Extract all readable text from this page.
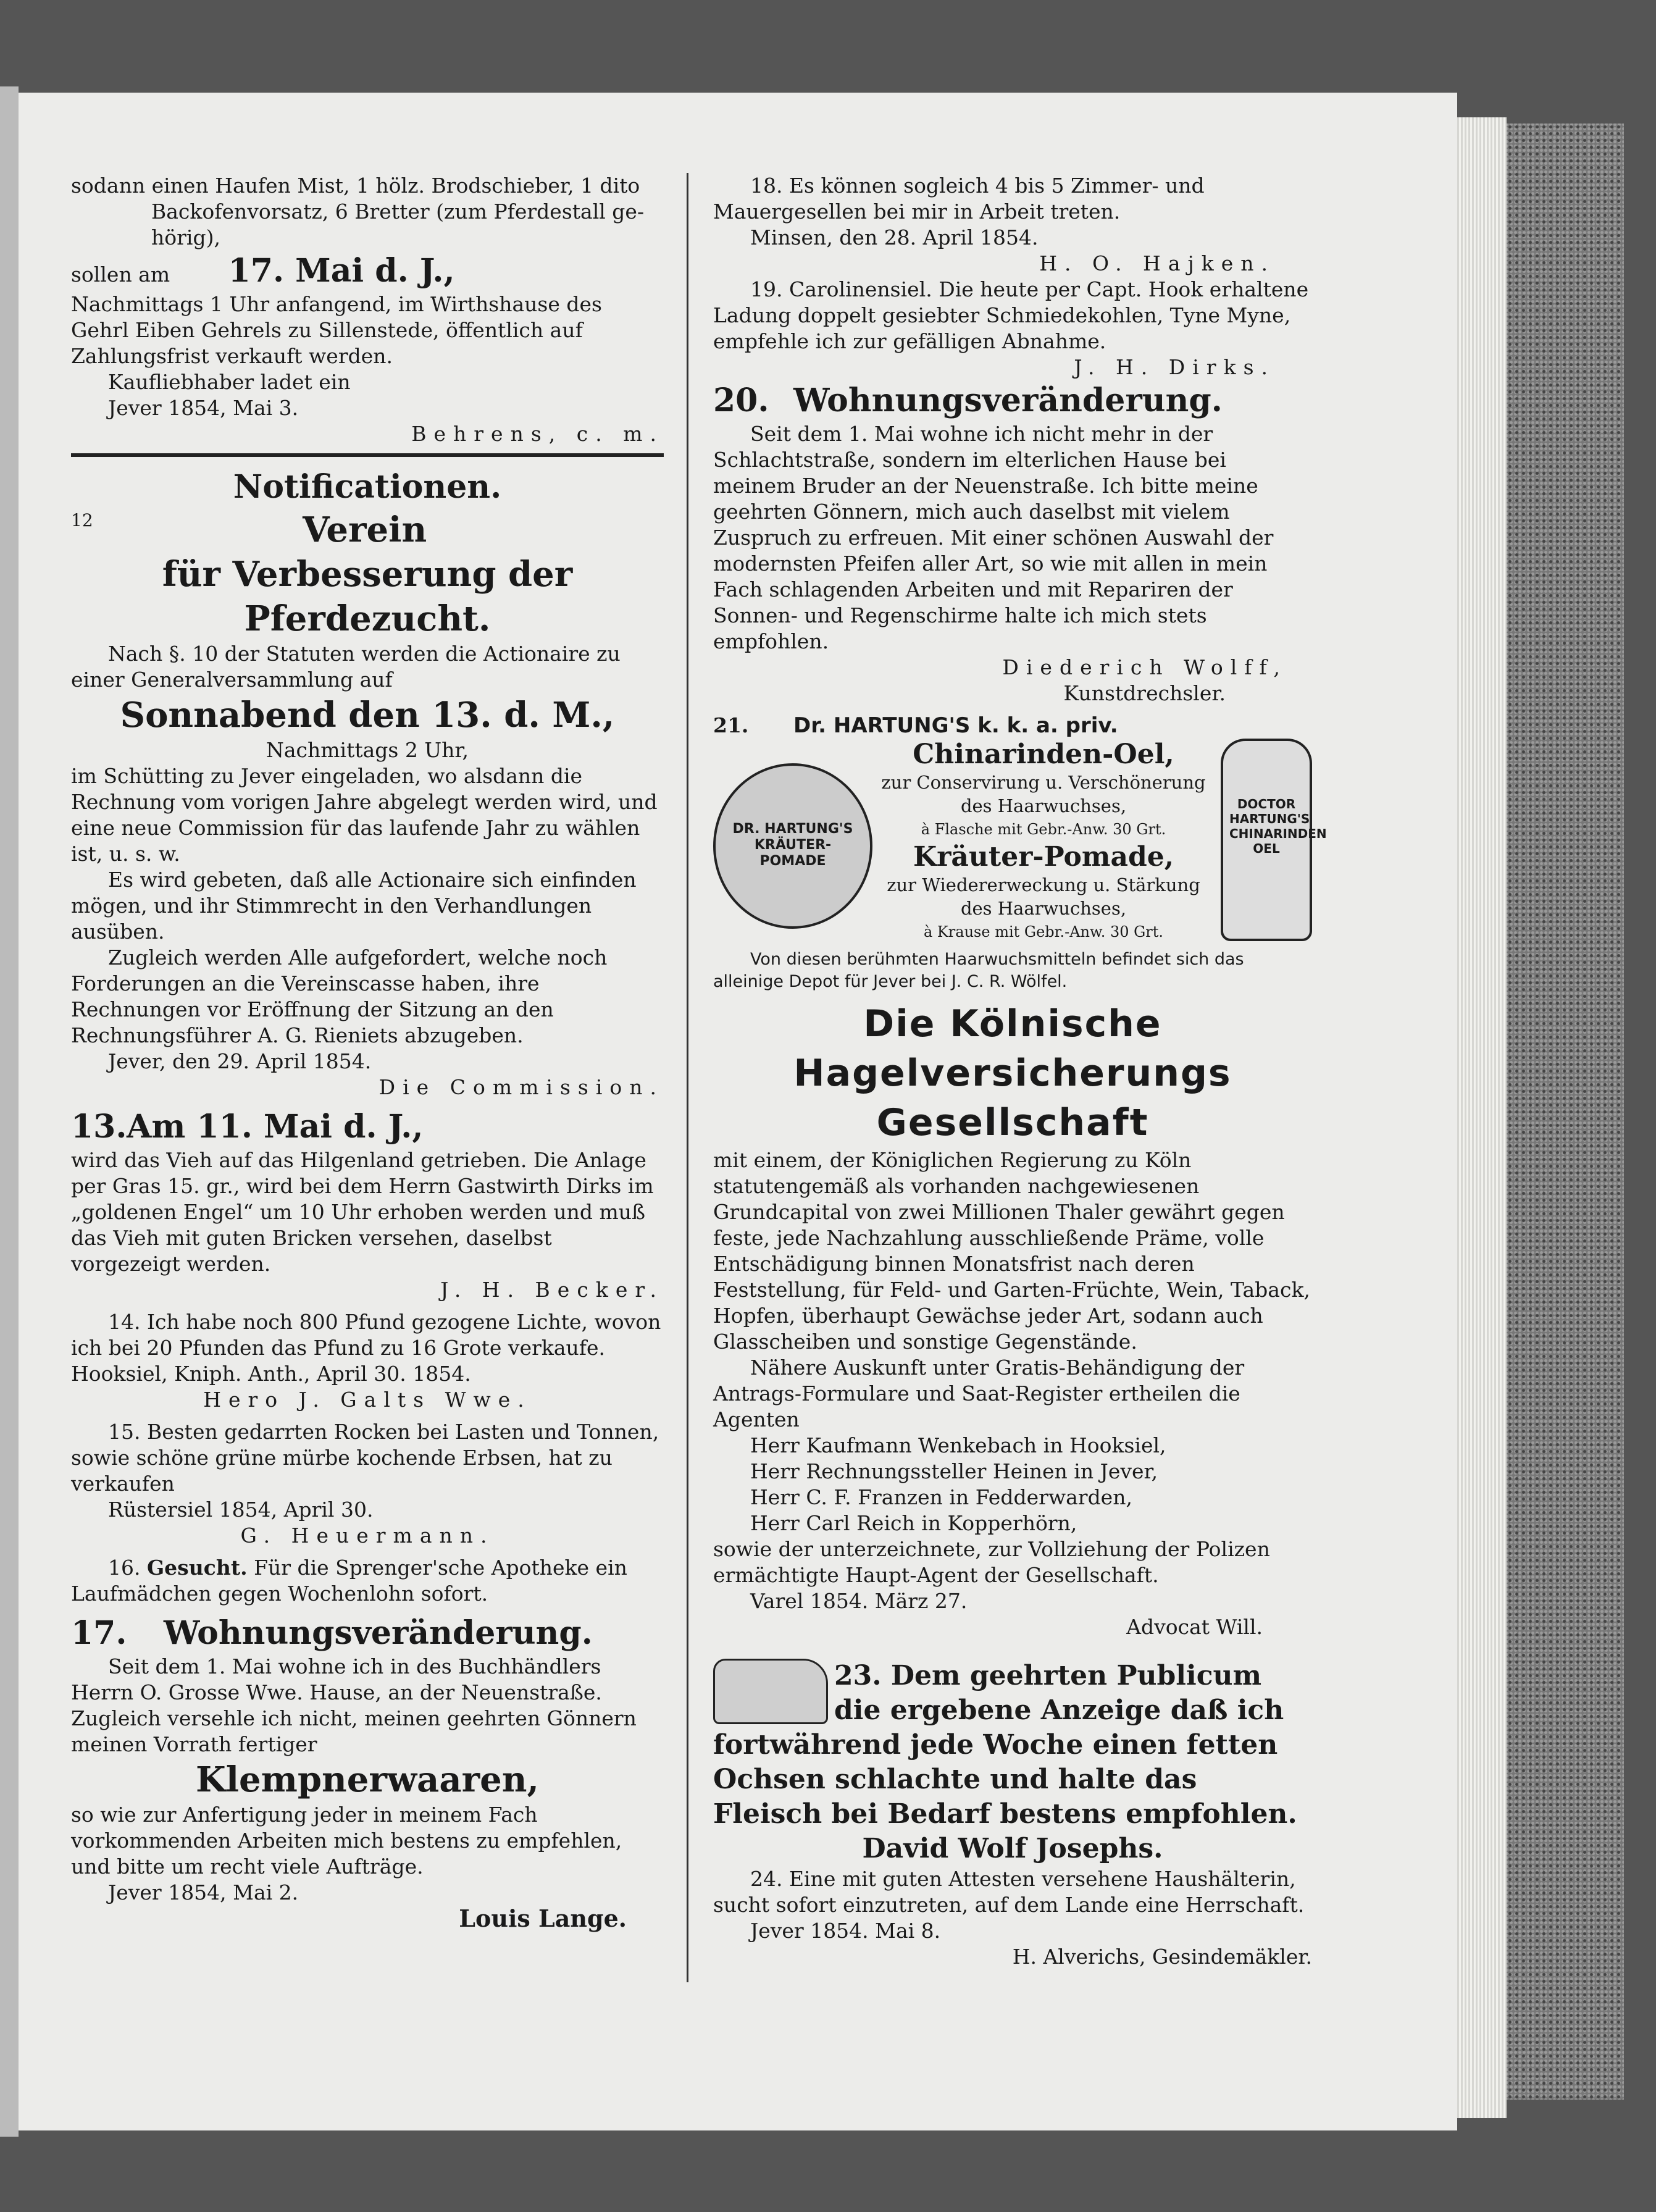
sodann einen Haufen Mist, 1 hölz. Brodschieber, 1 dito

Backofenvorsatz, 6 Bretter (zum Pferdestall ge-

hörig),

sollen am 17. Mai d. J.,

Nachmittags 1 Uhr anfangend, im Wirthshause des Gehrl Eiben Gehrels zu Sillenstede, öffentlich auf Zahlungsfrist verkauft werden.

Kaufliebhaber ladet ein

Jever 1854, Mai 3.

Behrens, c. m.

Notificationen.

$^{12}$	Verein

für Verbesserung der Pferdezucht.

Nach §. 10 der Statuten werden die Actionaire zu einer Generalversammlung auf

Sonnabend den 13. d. M.,

Nachmittags 2 Uhr,

im Schütting zu Jever eingeladen, wo alsdann die Rechnung vom vorigen Jahre abgelegt werden wird, und eine neue Commission für das laufende Jahr zu wählen ist, u. s. w.

Es wird gebeten, daß alle Actionaire sich einfinden mögen, und ihr Stimmrecht in den Verhandlungen ausüben.

Zugleich werden Alle aufgefordert, welche noch Forderungen an die Vereinscasse haben, ihre Rechnungen vor Eröffnung der Sitzung an den Rechnungsführer A. G. Rieniets abzugeben.

Jever, den 29. April 1854.

Die Commission.

13.Am 11. Mai d. J.,

wird das Vieh auf das Hilgenland getrieben. Die Anlage per Gras 15. gr., wird bei dem Herrn Gastwirth Dirks im „goldenen Engel“ um 10 Uhr erhoben werden und muß das Vieh mit guten Bricken versehen, daselbst vorgezeigt werden.

J. H. Becker.

14. Ich habe noch 800 Pfund gezogene Lichte, wovon ich bei 20 Pfunden das Pfund zu 16 Grote verkaufe.

Hooksiel, Kniph. Anth., April 30. 1854.

Hero J. Galts Wwe.

15. Besten gedarrten Rocken bei Lasten und Tonnen, sowie schöne grüne mürbe kochende Erbsen, hat zu verkaufen

Rüstersiel 1854, April 30.

G. Heuermann.

16. Gesucht. Für die Sprenger'sche Apotheke ein Laufmädchen gegen Wochenlohn sofort.

17. Wohnungsveränderung.

Seit dem 1. Mai wohne ich in des Buchhändlers Herrn O. Grosse Wwe. Hause, an der Neuenstraße. Zugleich versehle ich nicht, meinen geehrten Gönnern meinen Vorrath fertiger

Klempnerwaaren,

so wie zur Anfertigung jeder in meinem Fach vorkommenden Arbeiten mich bestens zu empfehlen, und bitte um recht viele Aufträge.

Jever 1854, Mai 2.

Louis Lange.

18. Es können sogleich 4 bis 5 Zimmer- und Mauergesellen bei mir in Arbeit treten.

Minsen, den 28. April 1854.

H. O. Hajken.

19. Carolinensiel. Die heute per Capt. Hook erhaltene Ladung doppelt gesiebter Schmiedekohlen, Tyne Myne, empfehle ich zur gefälligen Abnahme.

J. H. Dirks.

20. Wohnungsveränderung.

Seit dem 1. Mai wohne ich nicht mehr in der Schlachtstraße, sondern im elterlichen Hause bei meinem Bruder an der Neuenstraße. Ich bitte meine geehrten Gönnern, mich auch daselbst mit vielem Zuspruch zu erfreuen. Mit einer schönen Auswahl der modernsten Pfeifen aller Art, so wie mit allen in mein Fach schlagenden Arbeiten und mit Repariren der Sonnen- und Regenschirme halte ich mich stets empfohlen.

Diederich Wolff,

Kunstdrechsler.

21. Dr. HARTUNG'S k. k. a. priv.

DR. HARTUNG'S KRÄUTER-POMADE

Chinarinden-Oel,

zur Conservirung u. Verschönerung

des Haarwuchses,

à Flasche mit Gebr.-Anw. 30 Grt.

Kräuter-Pomade,

zur Wiedererweckung u. Stärkung

des Haarwuchses,

à Krause mit Gebr.-Anw. 30 Grt.

DOCTOR HARTUNG'S CHINARINDEN OEL

Von diesen berühmten Haarwuchsmitteln befindet sich das alleinige Depot für Jever bei J. C. R. Wölfel.

Die Kölnische

Hagelversicherungs

Gesellschaft

mit einem, der Königlichen Regierung zu Köln statutengemäß als vorhanden nachgewiesenen Grundcapital von zwei Millionen Thaler gewährt gegen feste, jede Nachzahlung ausschließende Präme, volle Entschädigung binnen Monatsfrist nach deren Feststellung, für Feld- und Garten-Früchte, Wein, Taback, Hopfen, überhaupt Gewächse jeder Art, sodann auch Glasscheiben und sonstige Gegenstände.

Nähere Auskunft unter Gratis-Behändigung der Antrags-Formulare und Saat-Register ertheilen die Agenten

Herr Kaufmann Wenkebach in Hooksiel,

Herr Rechnungssteller Heinen in Jever,

Herr C. F. Franzen in Fedderwarden,

Herr Carl Reich in Kopperhörn,

sowie der unterzeichnete, zur Vollziehung der Polizen ermächtigte Haupt-Agent der Gesellschaft.

Varel 1854. März 27.

Advocat Will.

23. Dem geehrten Publicum die ergebene Anzeige daß ich fortwährend jede Woche einen fetten Ochsen schlachte und halte das Fleisch bei Bedarf bestens empfohlen.

David Wolf Josephs.

24. Eine mit guten Attesten versehene Haushälterin, sucht sofort einzutreten, auf dem Lande eine Herrschaft.

Jever 1854. Mai 8.

H. Alverichs, Gesindemäkler.
